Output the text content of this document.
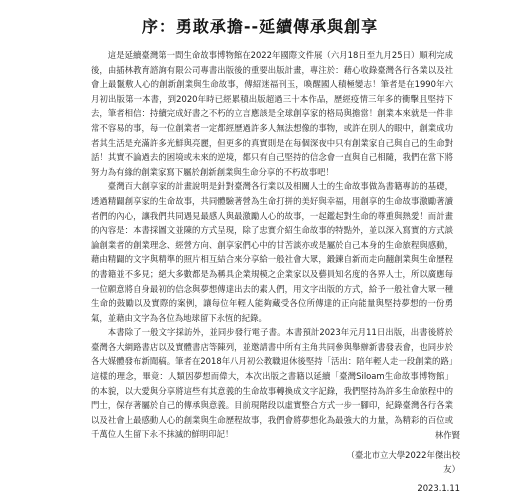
序：勇敢承擔--延續傳承與創享

這是延續臺灣第一間生命故事博物館在2022年國際文件展（六月18日至九月25日）順利完成後，由插林教育諮詢有限公司專書出版後的重要出版計畫，專注於：藉心收錄臺灣各行各業以及社會上最鬣敷人心的創新創業與生命故事，傳紹迷福刊玉，喚醒國人積極變志！筆者是在1990年六月初出版第一本書，到2020年時已經累積出版超過三十本作品，歷經疫情三年多的衝擊且堅持下去，筆者相信：持續完成好書之不朽的立言應該是全球創享家的格局與擔當！創業本來就是一件非常不容易的事，每一位創業者一定都經歷過許多人無法想像的事物，或許在別人的眼中，創業成功者其生活是充滿許多光鮮與亮麗，但更多的真實則是在每個深夜中只有創業家自己與自己的生命對話！其實不論過去的困境或未來的逆境，都只有自己堅持的信念會一直與自己相隨，我們在當下將努力為有緣的創業家寫下屬於創新創業與生命分享的不朽故事吧！

臺灣百大創享家的計畫說明是針對臺灣各行業以及相關人士的生命故事做為書籍專訪的基礎，透過精闢創享家的生命故事，共同體驗著營為生命打拼的美好與幸福，用創享的生命故事激勵著讀者們的內心，讓我們共同遇見最感人與最激勵人心的故事，一起鑑起對生命的尊重與熱愛！而計畫的內容是：本書採圖文並陳的方式呈現，除了忠實介紹生命故事的特點外，並以深入寫實的方式談論創業者的創業理念、經營方向、創享家們心中的甘苦談亦或是屬於自己本身的生命旅程與感動，藉由精闢的文字與精準的照片相互結合來分享給一般社會大眾，鍛鍊自新而走向翻創業與生命歷程的書籍並不多見；絕大多數都是為稱具企業規模之企業家以及藝員知名度的各界人士，所以廣應每一位願意將自身最初的信念與夢想傳達出去的素人們，用文字出版的方式，給予一般社會大眾一種生命的鼓勵以及實際的案例，讓每位年輕人能夠藏受各位所傳達的正向能量與堅持夢想的一份勇氣，並藉由文字為各位為地球留下永恆的紀錄。

本書除了一般文字採訪外，並同步發行電子書。本書預計2023年元月11日出版，出書後將於臺灣各大網路書店以及實體書店等陳列，並邀請書中所有主角共同參與舉辦新書發表會，也同步於各大媒體發布新聞稿。筆者在2018年八月初公教職退休後堅持「活出：陪年輕人走一段創業的路」這樣的理念，畢竟：人類因夢想而偉大，本次出版之書籍以延續「臺灣Siloam生命故事博物館」的本貌，以大愛與分享將這些有其意義的生命故事轉換成文字記錄，我們堅持為許多生命旅程中的門士，保存著屬於自己的傳承與意義。目前現階段以虛實整合方式一步一腳印，紀錄臺灣各行各業以及社會上最感動人心的創業與生命歷程故事，我們會將夢想化為最強大的力量，為精彩的百位或千萬位人生留下永不抹滅的鮮明印記！	林作賢
（臺北市立大學2022年傑出校友）
2023.1.11
